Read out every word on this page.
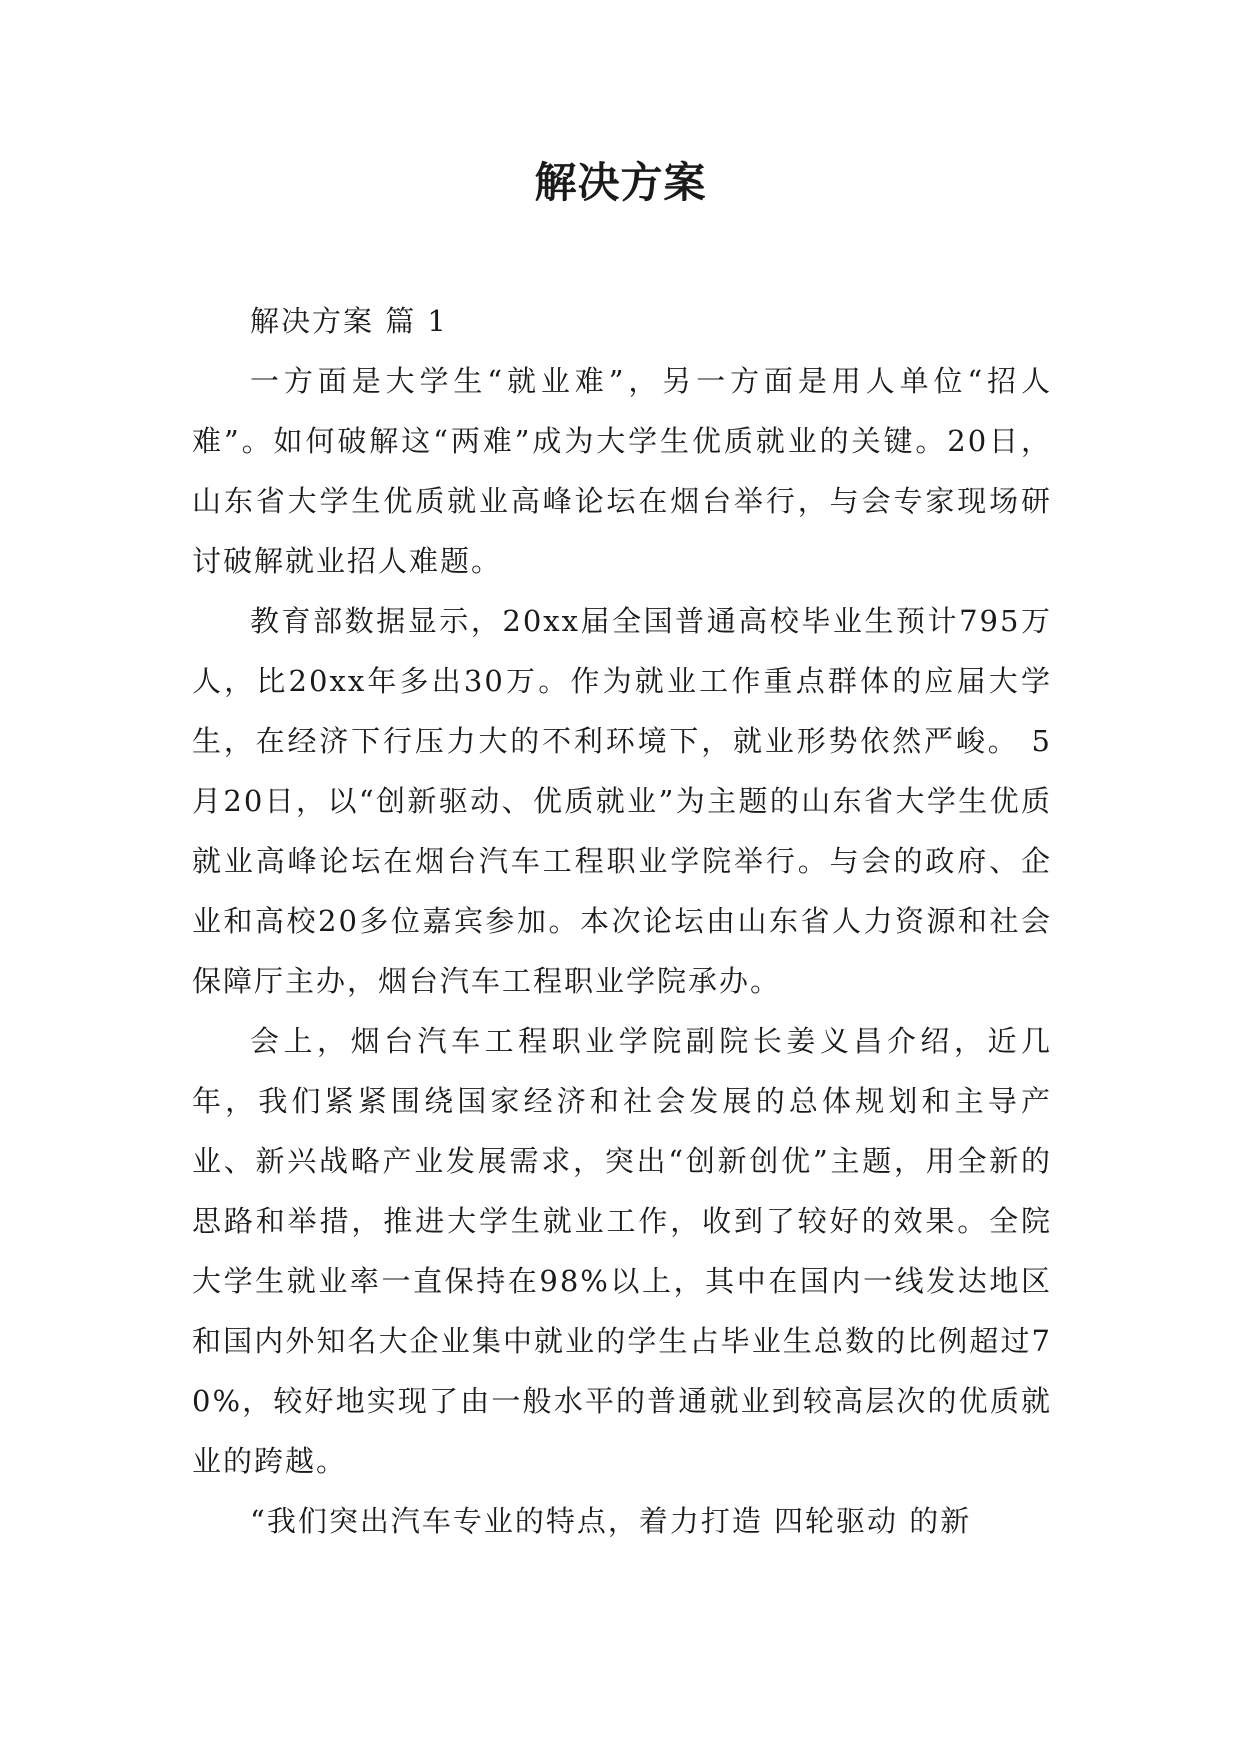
解决方案

解决方案 篇 1

一方面是大学生“就业难”，另一方面是用人单位“招人难”。如何破解这“两难”成为大学生优质就业的关键。20日，山东省大学生优质就业高峰论坛在烟台举行，与会专家现场研讨破解就业招人难题。

教育部数据显示，20xx届全国普通高校毕业生预计795万人，比20xx年多出30万。作为就业工作重点群体的应届大学生，在经济下行压力大的不利环境下，就业形势依然严峻。 5月20日，以“创新驱动、优质就业”为主题的山东省大学生优质就业高峰论坛在烟台汽车工程职业学院举行。与会的政府、企业和高校20多位嘉宾参加。本次论坛由山东省人力资源和社会保障厅主办，烟台汽车工程职业学院承办。

会上，烟台汽车工程职业学院副院长姜义昌介绍，近几年，我们紧紧围绕国家经济和社会发展的总体规划和主导产业、新兴战略产业发展需求，突出“创新创优”主题，用全新的思路和举措，推进大学生就业工作，收到了较好的效果。全院大学生就业率一直保持在98%以上，其中在国内一线发达地区和国内外知名大企业集中就业的学生占毕业生总数的比例超过70%，较好地实现了由一般水平的普通就业到较高层次的优质就业的跨越。

“我们突出汽车专业的特点，着力打造 四轮驱动 的新
